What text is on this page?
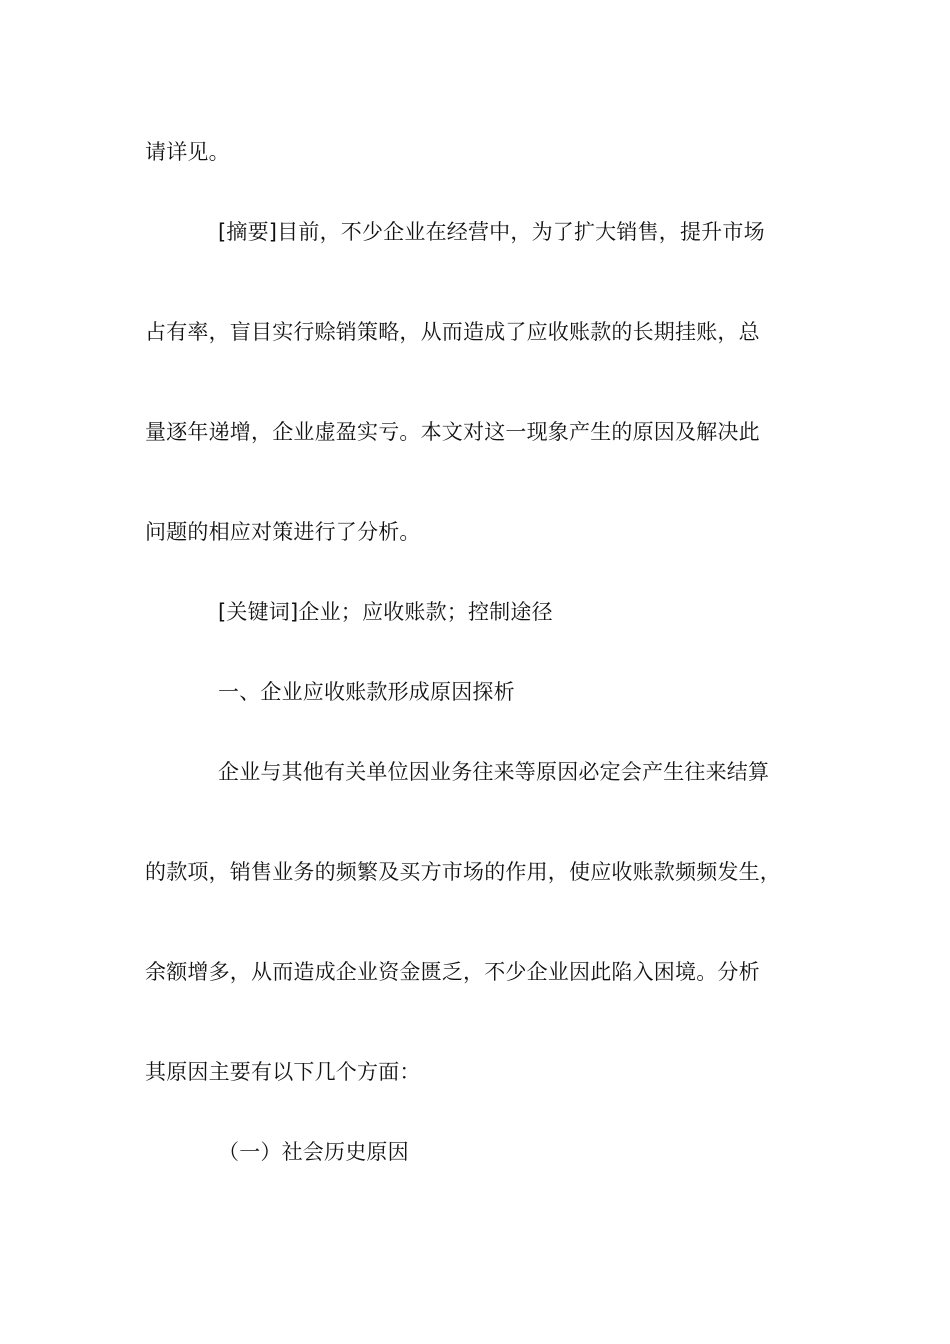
请详见。
[摘要]目前，不少企业在经营中，为了扩大销售，提升市场
占有率，盲目实行赊销策略，从而造成了应收账款的长期挂账，总
量逐年递增，企业虚盈实亏。本文对这一现象产生的原因及解决此
问题的相应对策进行了分析。
[关键词]企业；应收账款；控制途径
一、企业应收账款形成原因探析
企业与其他有关单位因业务往来等原因必定会产生往来结算
的款项，销售业务的频繁及买方市场的作用，使应收账款频频发生，
余额增多，从而造成企业资金匮乏，不少企业因此陷入困境。分析
其原因主要有以下几个方面：
（一）社会历史原因
